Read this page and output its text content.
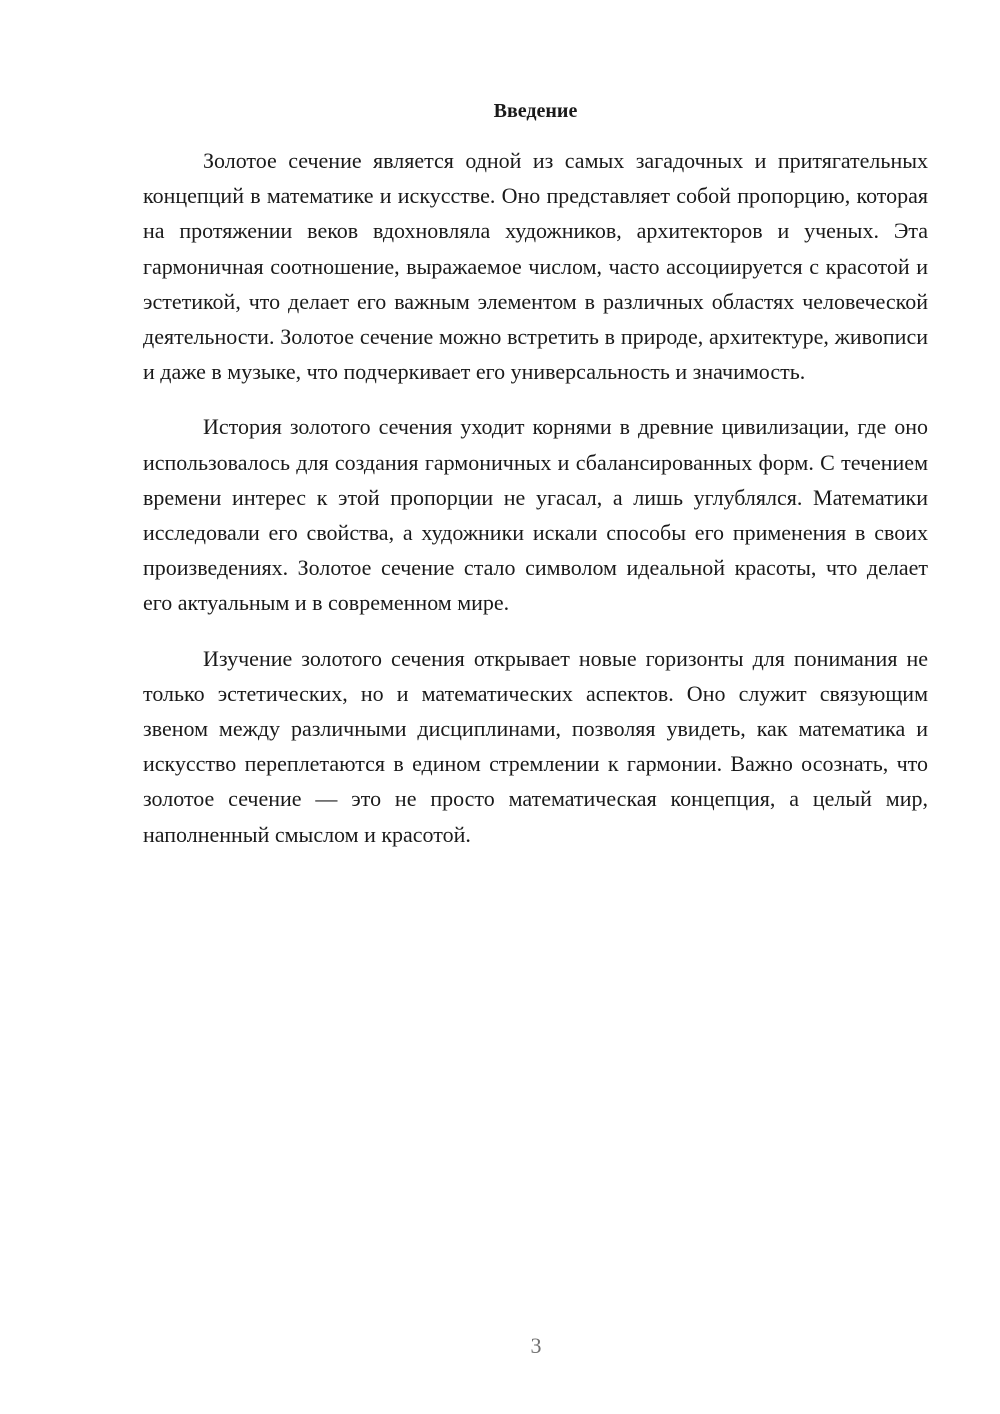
Введение

Золотое сечение является одной из самых загадочных и притягательных концепций в математике и искусстве. Оно представляет собой пропорцию, которая на протяжении веков вдохновляла художников, архитекторов и ученых. Эта гармоничная соотношение, выражаемое числом, часто ассоциируется с красотой и эстетикой, что делает его важным элементом в различных областях человеческой деятельности. Золотое сечение можно встретить в природе, архитектуре, живописи и даже в музыке, что подчеркивает его универсальность и значимость.

История золотого сечения уходит корнями в древние цивилизации, где оно использовалось для создания гармоничных и сбалансированных форм. С течением времени интерес к этой пропорции не угасал, а лишь углублялся. Математики исследовали его свойства, а художники искали способы его применения в своих произведениях. Золотое сечение стало символом идеальной красоты, что делает его актуальным и в современном мире.

Изучение золотого сечения открывает новые горизонты для понимания не только эстетических, но и математических аспектов. Оно служит связующим звеном между различными дисциплинами, позволяя увидеть, как математика и искусство переплетаются в едином стремлении к гармонии. Важно осознать, что золотое сечение — это не просто математическая концепция, а целый мир, наполненный смыслом и красотой.

3
